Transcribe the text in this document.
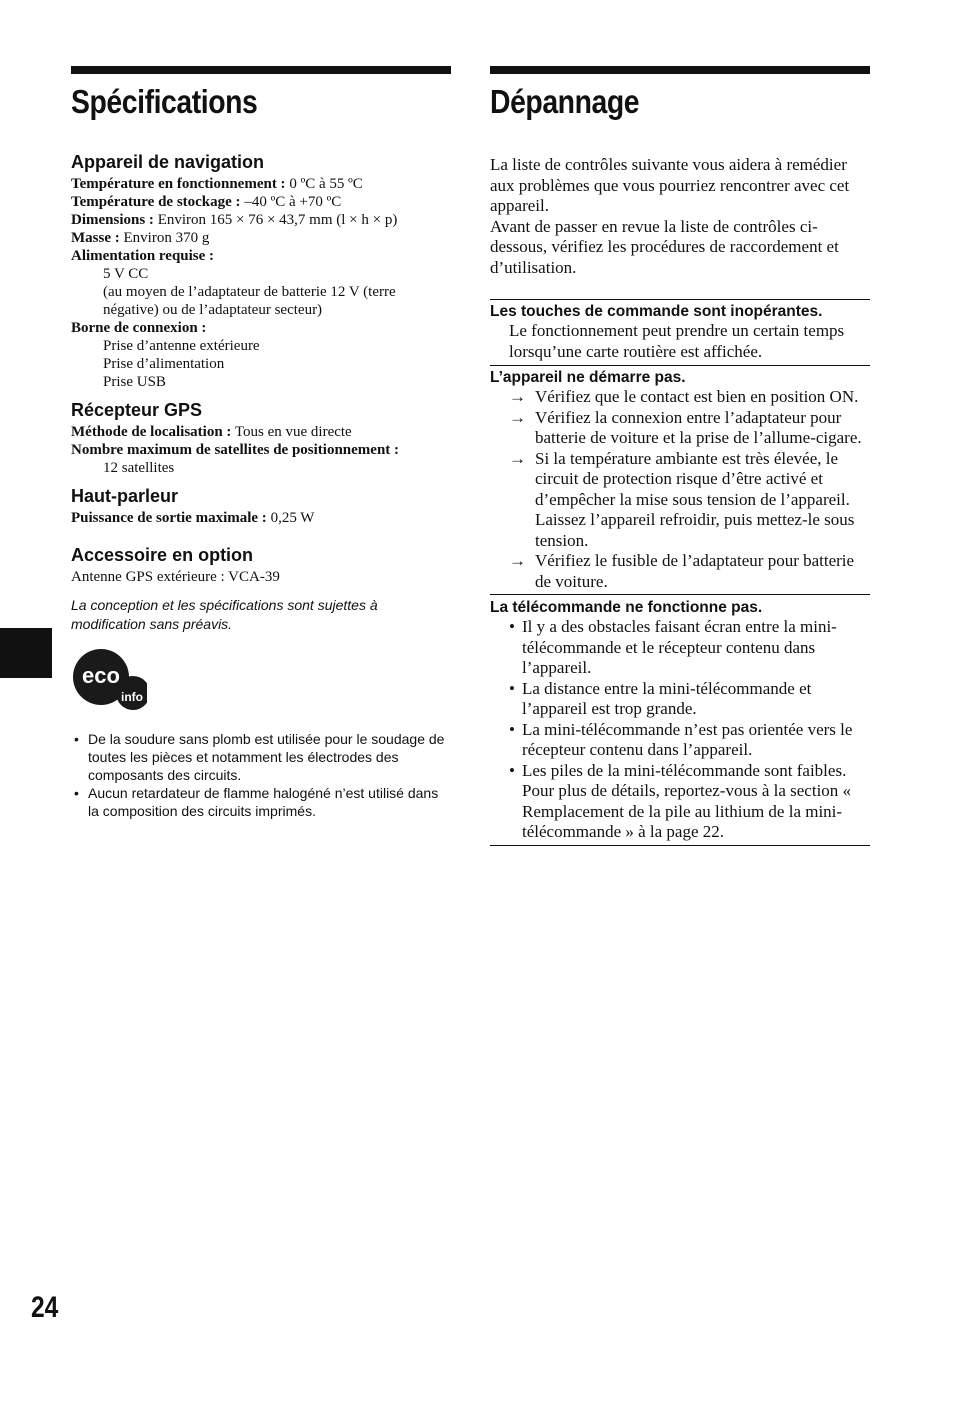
Spécifications
Appareil de navigation
Température en fonctionnement : 0 ºC à 55 ºC
Température de stockage : –40 ºC à +70 ºC
Dimensions : Environ 165 × 76 × 43,7 mm (l × h × p)
Masse : Environ 370 g
Alimentation requise :
5 V CC
(au moyen de l’adaptateur de batterie 12 V (terre négative) ou de l’adaptateur secteur)
Borne de connexion :
Prise d’antenne extérieure
Prise d’alimentation
Prise USB
Récepteur GPS
Méthode de localisation : Tous en vue directe
Nombre maximum de satellites de positionnement :
12 satellites
Haut-parleur
Puissance de sortie maximale : 0,25 W
Accessoire en option
Antenne GPS extérieure : VCA-39
La conception et les spécifications sont sujettes à modification sans préavis.
eco
info
• De la soudure sans plomb est utilisée pour le soudage de toutes les pièces et notamment les électrodes des composants des circuits.
• Aucun retardateur de flamme halogéné n’est utilisé dans la composition des circuits imprimés.
Dépannage
La liste de contrôles suivante vous aidera à remédier aux problèmes que vous pourriez rencontrer avec cet appareil.
Avant de passer en revue la liste de contrôles ci-dessous, vérifiez les procédures de raccordement et d’utilisation.
Les touches de commande sont inopérantes.
Le fonctionnement peut prendre un certain temps lorsqu’une carte routière est affichée.
L’appareil ne démarre pas.
→ Vérifiez que le contact est bien en position ON.
→ Vérifiez la connexion entre l’adaptateur pour batterie de voiture et la prise de l’allume-cigare.
→ Si la température ambiante est très élevée, le circuit de protection risque d’être activé et d’empêcher la mise sous tension de l’appareil. Laissez l’appareil refroidir, puis mettez-le sous tension.
→ Vérifiez le fusible de l’adaptateur pour batterie de voiture.
La télécommande ne fonctionne pas.
• Il y a des obstacles faisant écran entre la mini-télécommande et le récepteur contenu dans l’appareil.
• La distance entre la mini-télécommande et l’appareil est trop grande.
• La mini-télécommande n’est pas orientée vers le récepteur contenu dans l’appareil.
• Les piles de la mini-télécommande sont faibles. Pour plus de détails, reportez-vous à la section « Remplacement de la pile au lithium de la mini-télécommande » à la page 22.
24
